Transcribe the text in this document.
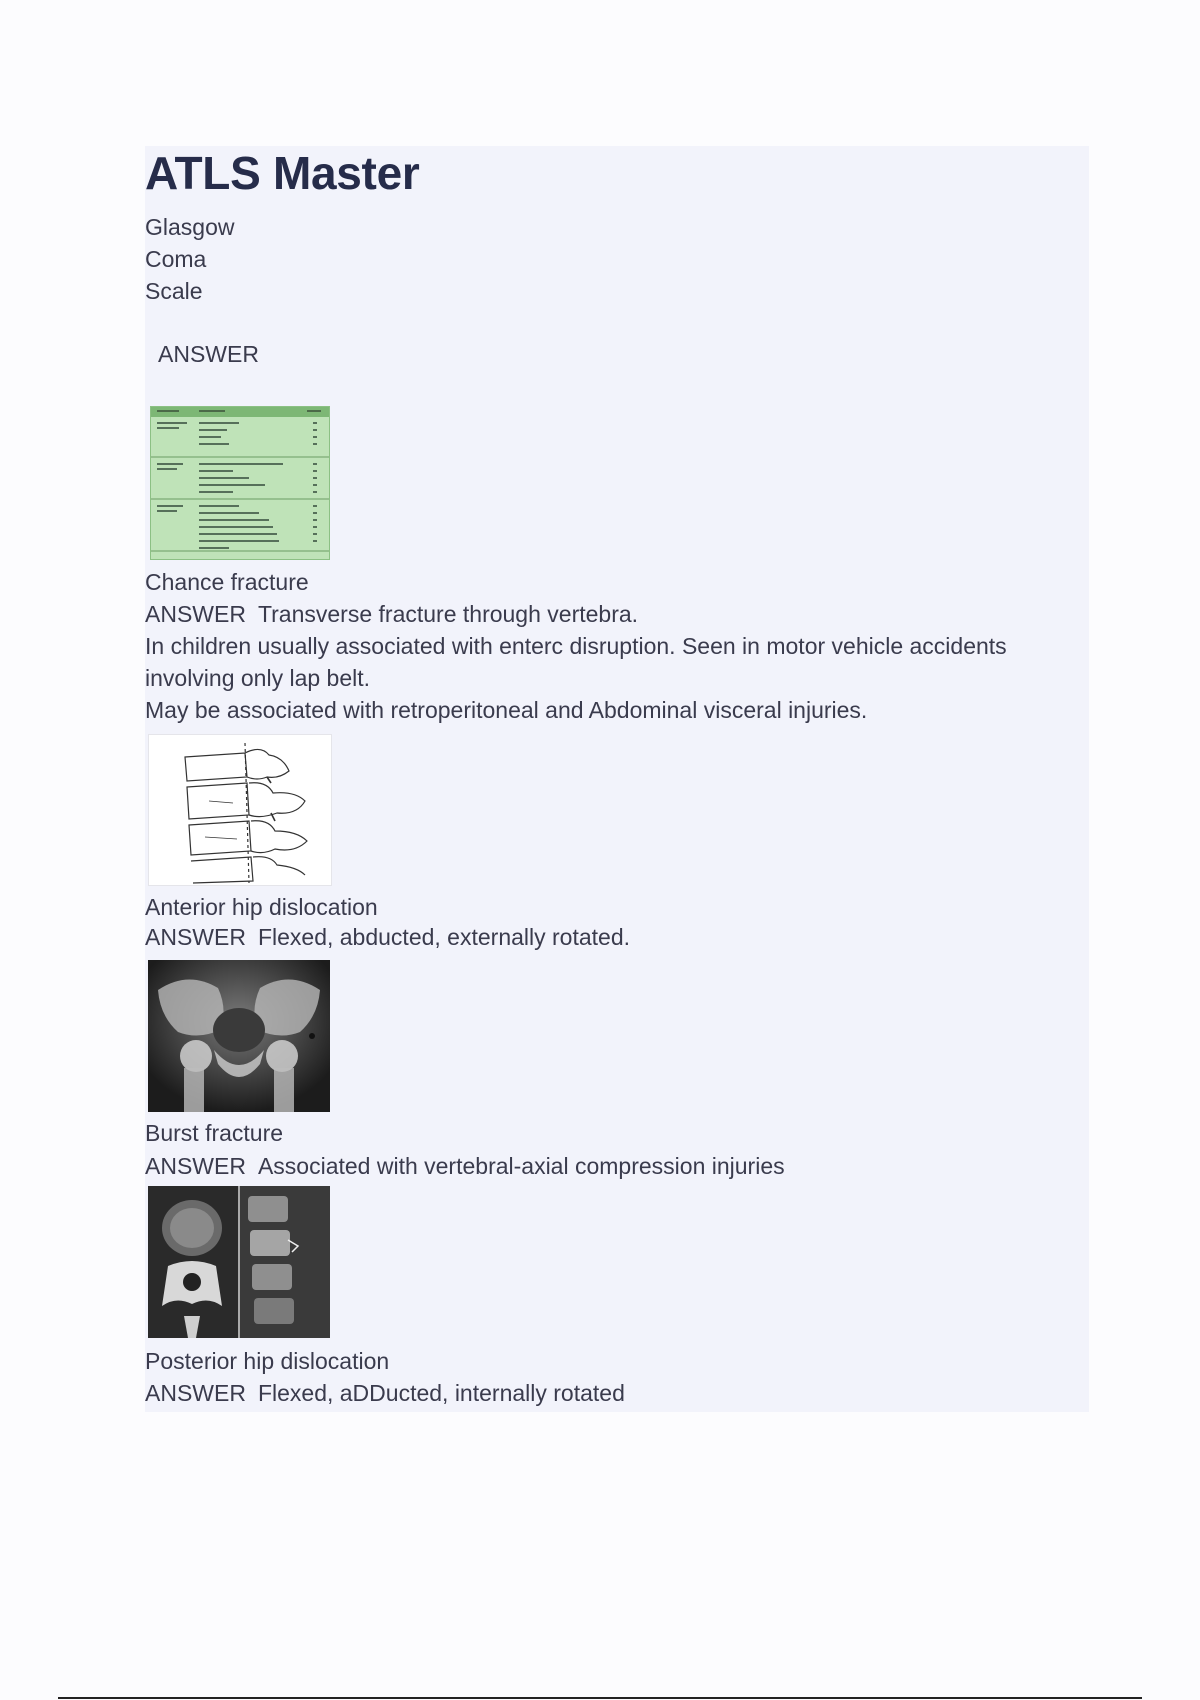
ATLS Master
Glasgow
Coma
Scale
ANSWER
Chance fracture
ANSWER Transverse fracture through vertebra.
In children usually associated with enterc disruption. Seen in motor vehicle accidents
involving only lap belt.
May be associated with retroperitoneal and Abdominal visceral injuries.
Anterior hip dislocation
ANSWER Flexed, abducted, externally rotated.
Burst fracture
ANSWER Associated with vertebral-axial compression injuries
Posterior hip dislocation
ANSWER Flexed, aDDucted, internally rotated
